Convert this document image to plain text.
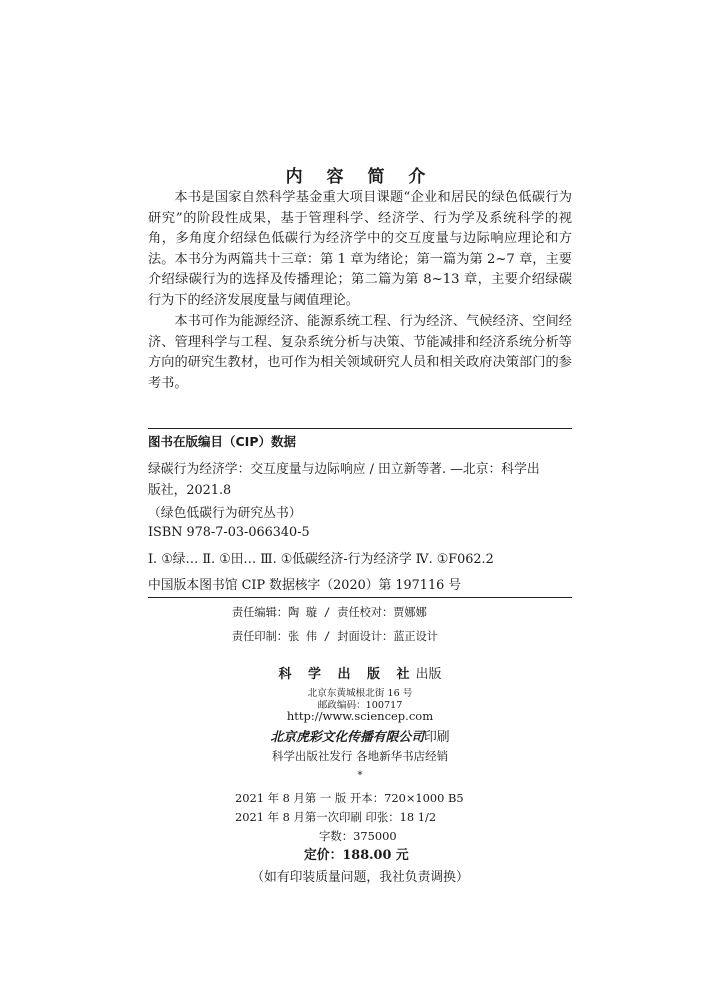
内 容 简 介

本书是国家自然科学基金重大项目课题“企业和居民的绿色低碳行为研究”的阶段性成果，基于管理科学、经济学、行为学及系统科学的视角，多角度介绍绿色低碳行为经济学中的交互度量与边际响应理论和方法。本书分为两篇共十三章：第 1 章为绪论；第一篇为第 2~7 章，主要介绍绿碳行为的选择及传播理论；第二篇为第 8~13 章，主要介绍绿碳行为下的经济发展度量与阈值理论。

本书可作为能源经济、能源系统工程、行为经济、气候经济、空间经济、管理科学与工程、复杂系统分析与决策、节能减排和经济系统分析等方向的研究生教材，也可作为相关领域研究人员和相关政府决策部门的参考书。

图书在版编目（CIP）数据
绿碳行为经济学：交互度量与边际响应 / 田立新等著. —北京：科学出
版社，2021.8
（绿色低碳行为研究丛书）
ISBN 978-7-03-066340-5
Ⅰ. ①绿… Ⅱ. ①田… Ⅲ. ①低碳经济-行为经济学 Ⅳ. ①F062.2
中国版本图书馆 CIP 数据核字（2020）第 197116 号
责任编辑：陶 璇 / 责任校对：贾娜娜
责任印制：张 伟 / 封面设计：蓝正设计
科 学 出 版 社出版
北京东黄城根北街 16 号
邮政编码：100717
http://www.sciencep.com
北京虎彩文化传播有限公司印刷
科学出版社发行 各地新华书店经销
*
2021 年 8 月第 一 版 开本：720×1000 B5
2021 年 8 月第一次印刷 印张：18 1/2
字数：375000
定价：188.00 元
（如有印装质量问题，我社负责调换）
